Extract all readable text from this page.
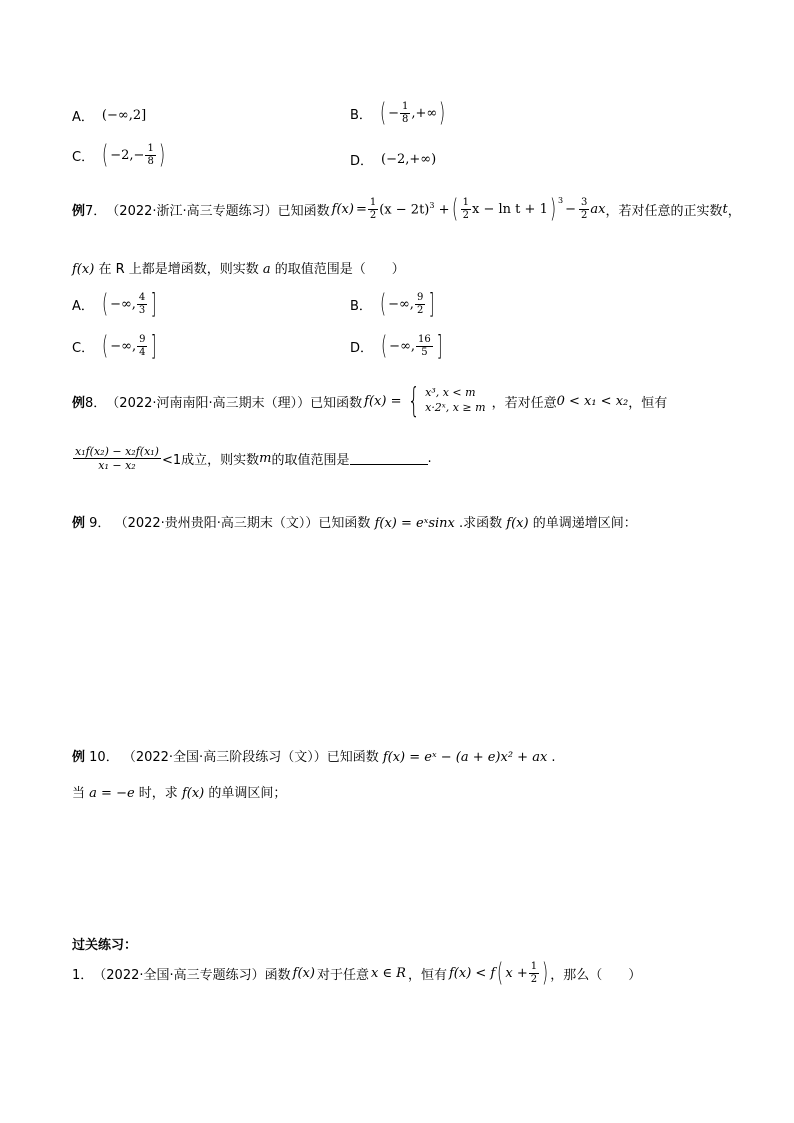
A． (−∞,2]	B． ( − $\frac{1}{8}$ ,+∞ )
C． ( $-2,- \frac{1}{8}$ )	D． (−2,+∞)
例 7． （2022·浙江·高三专题练习）已知函数 $f(x) = \frac{1}{2} (x - 2t)^3$ + ( $\frac{1}{2}$ x − ln t + 1 ) $^3$
− $\frac{3}{2}$ ax ，若对任意的正实数 t ，
f(x) 在 R 上都是增函数，则实数 a 的取值范围是（　　）
A． ( −∞, $\frac{4}{3}$ ]	B． ( −∞, $\frac{9}{2}$ ]
C． ( −∞, $\frac{9}{4}$ ]	D． ( −∞, $\frac{16}{5}$ ]
例 8． （2022·河南南阳·高三期末（理））已知函数 f(x) = { x³, x < m
x·2ˣ, x ≥ m ，若对任意 0 < x₁ < x₂ ，恒有
$\frac{\text{x₁f(x₂) − x₂f(x₁)}}{\text{x₁ − x₂}} <1$成立，则实数 m 的取值范围是	.
例 9． （2022·贵州贵阳·高三期末（文））已知函数 f(x) = eˣsinx .求函数 f(x) 的单调递增区间：
例 10． （2022·全国·高三阶段练习（文））已知函数 f(x) = eˣ − (a + e)x² + ax .
当 a = −e 时，求 f(x) 的单调区间；
过关练习：
1． （2022·全国·高三专题练习）函数 f(x) 对于任意 x ∈ R ，恒有 f(x) < f ( $x + \frac{1}{2}$ ) ，那么（　　）
